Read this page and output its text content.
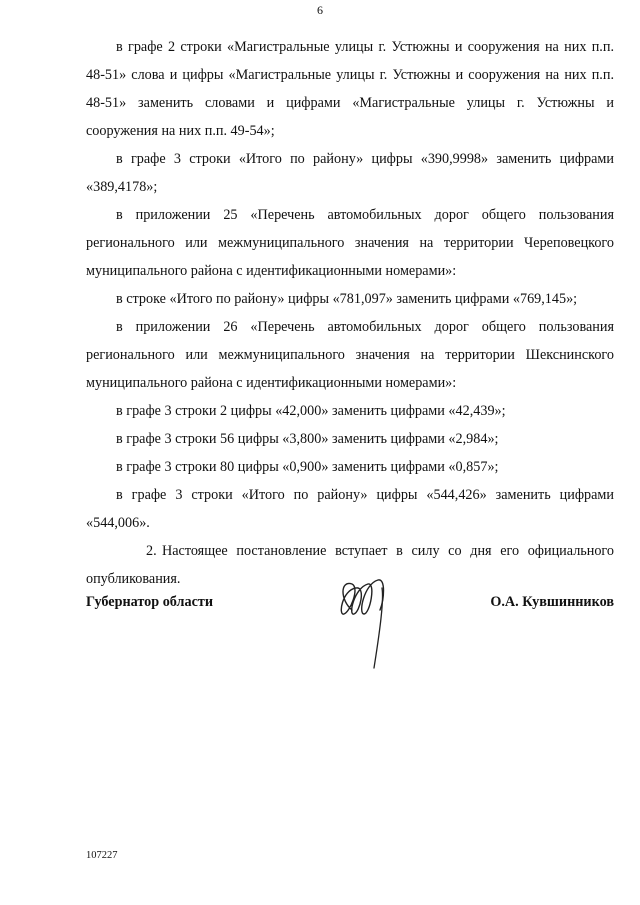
6

в графе 2 строки «Магистральные улицы г. Устюжны и сооружения на них п.п. 48-51» слова и цифры «Магистральные улицы г. Устюжны и сооружения на них п.п. 48-51» заменить словами и цифрами «Магистральные улицы г. Устюжны и сооружения на них п.п. 49-54»;

в графе 3 строки «Итого по району» цифры «390,9998» заменить цифрами «389,4178»;

в приложении 25 «Перечень автомобильных дорог общего пользования регионального или межмуниципального значения на территории Череповецкого муниципального района с идентификационными номерами»:

в строке «Итого по району» цифры «781,097» заменить цифрами «769,145»;

в приложении 26 «Перечень автомобильных дорог общего пользования регионального или межмуниципального значения на территории Шекснинского муниципального района с идентификационными номерами»:

в графе 3 строки 2 цифры «42,000» заменить цифрами «42,439»;

в графе 3 строки 56 цифры «3,800» заменить цифрами «2,984»;

в графе 3 строки 80 цифры «0,900» заменить цифрами «0,857»;

в графе 3 строки «Итого по району» цифры «544,426» заменить цифрами «544,006».

2. Настоящее постановление вступает в силу со дня его официального опубликования.

Губернатор области	О.А. Кувшинников
107227
